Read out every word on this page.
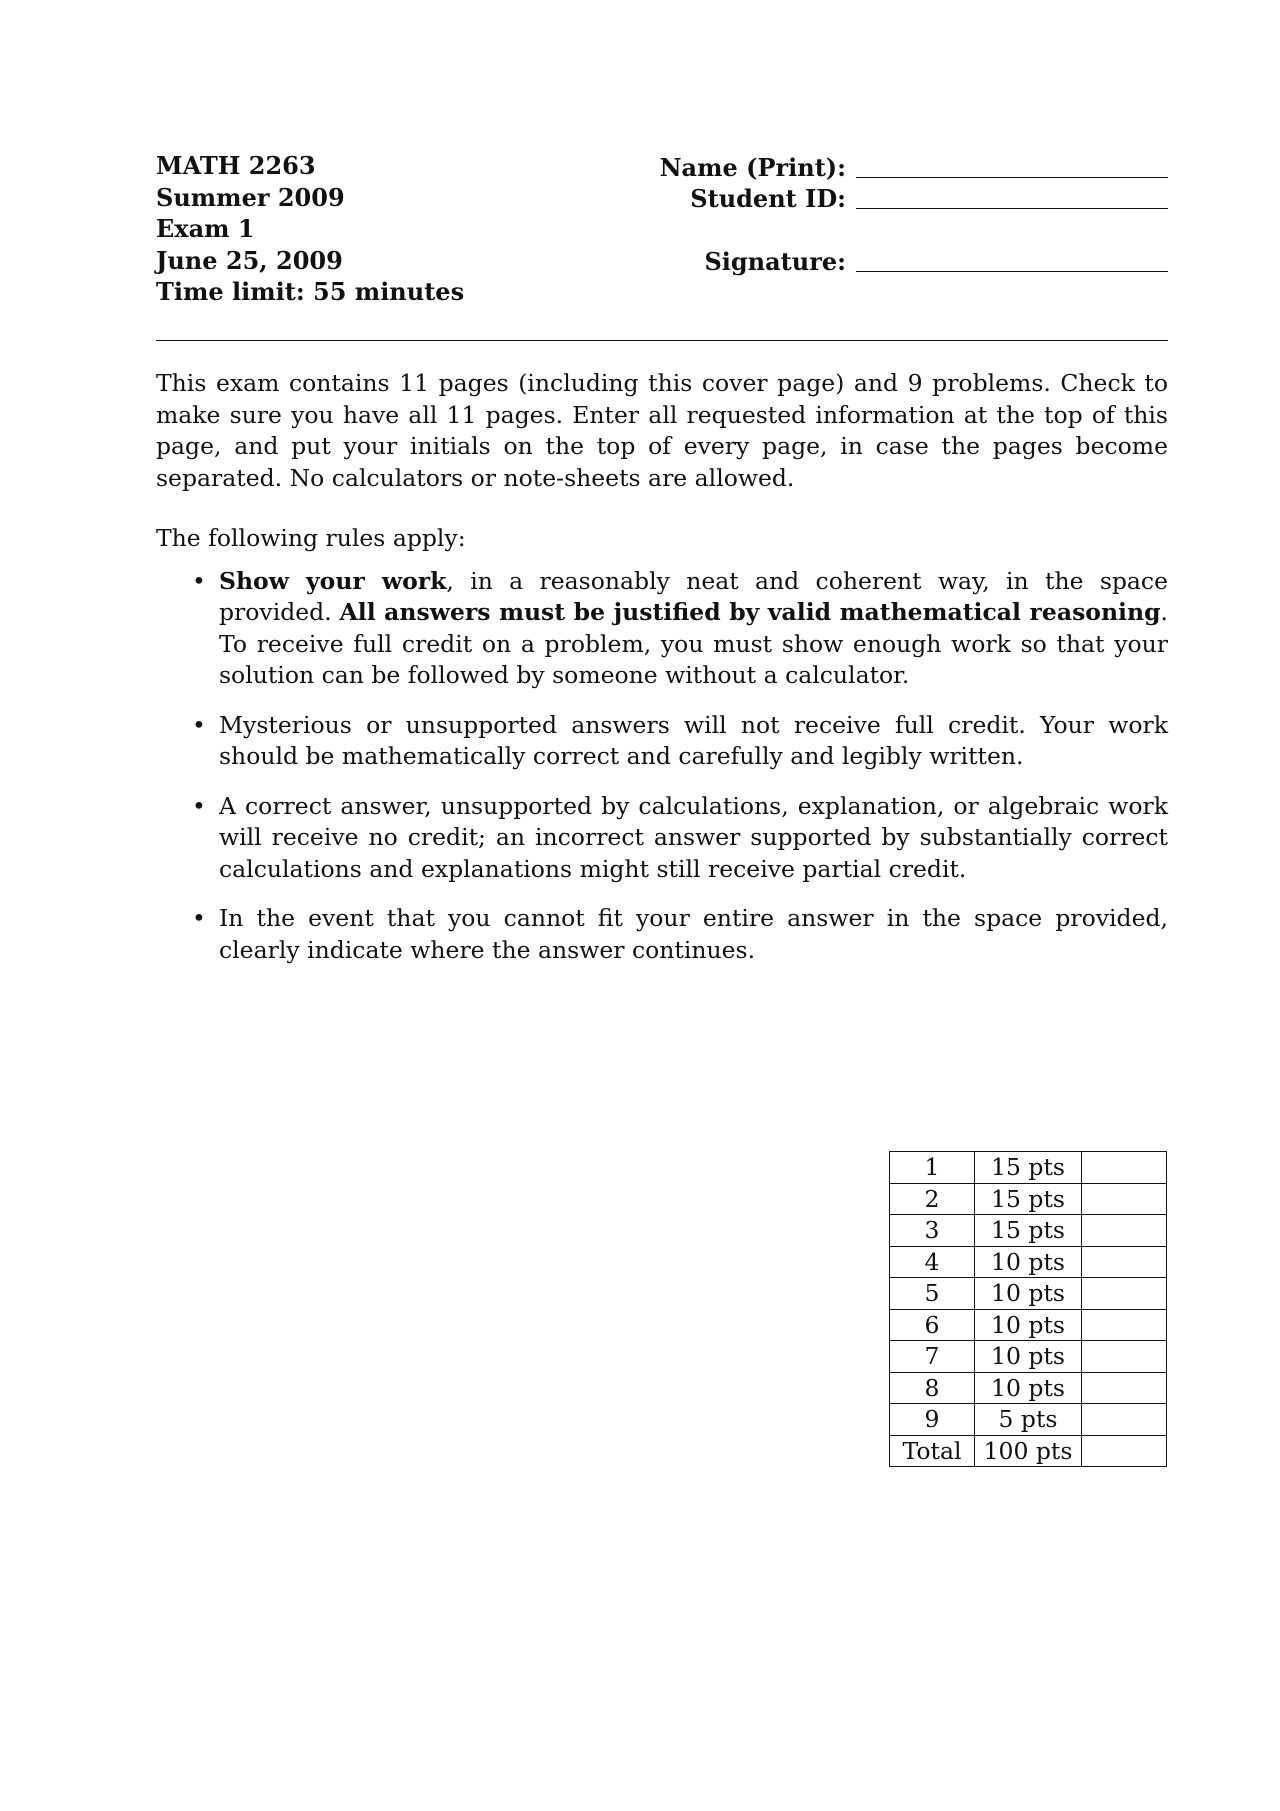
MATH 2263
Summer 2009
Exam 1
June 25, 2009
Time limit: 55 minutes
Name (Print):
Student ID:
Signature:

This exam contains 11 pages (including this cover page) and 9 problems. Check to make sure you have all 11 pages. Enter all requested information at the top of this page, and put your initials on the top of every page, in case the pages become separated. No calculators or note-sheets are allowed.

The following rules apply:

• Show your work, in a reasonably neat and coherent way, in the space provided. All answers must be justified by valid mathematical reasoning. To receive full credit on a problem, you must show enough work so that your solution can be followed by someone without a calculator.
• Mysterious or unsupported answers will not receive full credit. Your work should be mathematically correct and carefully and legibly written.
• A correct answer, unsupported by calculations, explanation, or algebraic work will receive no credit; an incorrect answer supported by substantially correct calculations and explanations might still receive partial credit.
• In the event that you cannot fit your entire answer in the space provided, clearly indicate where the answer continues.
1	15 pts	
2	15 pts	
3	15 pts	
4	10 pts	
5	10 pts	
6	10 pts	
7	10 pts	
8	10 pts	
9	5 pts	
Total	100 pts	
